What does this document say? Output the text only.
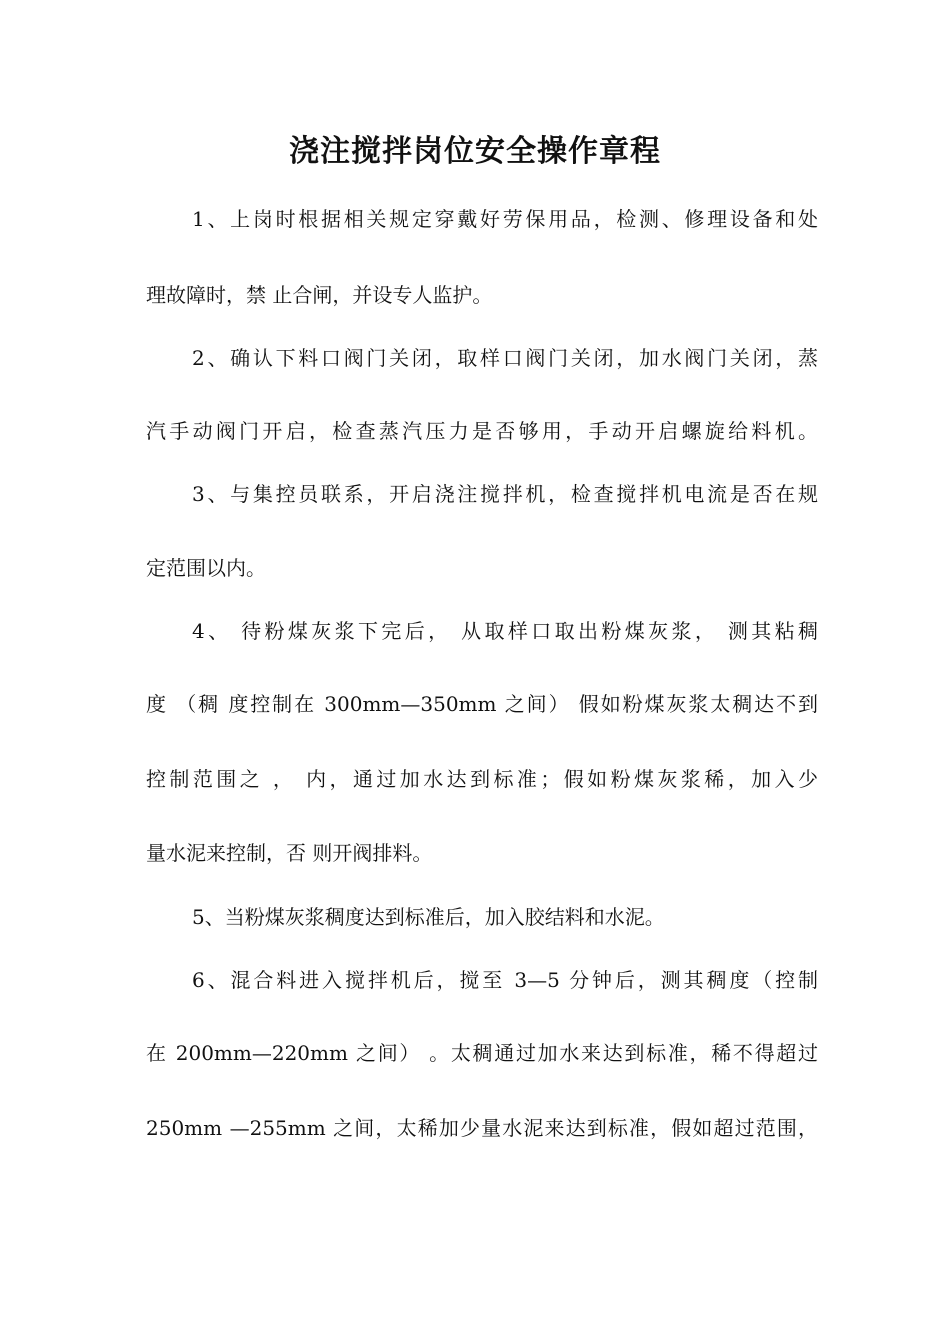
浇注搅拌岗位安全操作章程
1、上岗时根据相关规定穿戴好劳保用品，检测、修理设备和处
理故障时，禁 止合闸，并设专人监护。
2、确认下料口阀门关闭，取样口阀门关闭，加水阀门关闭，蒸
汽手动阀门开启，检查蒸汽压力是否够用，手动开启螺旋给料机。
3、与集控员联系，开启浇注搅拌机，检查搅拌机电流是否在规
定范围以内。
4、 待粉煤灰浆下完后， 从取样口取出粉煤灰浆， 测其粘稠
度 （稠 度控制在 300mm—350mm 之间） 假如粉煤灰浆太稠达不到
控制范围之 ， 内，通过加水达到标准；假如粉煤灰浆稀，加入少
量水泥来控制，否 则开阀排料。
5、当粉煤灰浆稠度达到标准后，加入胶结料和水泥。
6、混合料进入搅拌机后，搅至 3—5 分钟后，测其稠度（控制
在 200mm—220mm 之间） 。太稠通过加水来达到标准，稀不得超过
250mm —255mm 之间，太稀加少量水泥来达到标准，假如超过范围，
